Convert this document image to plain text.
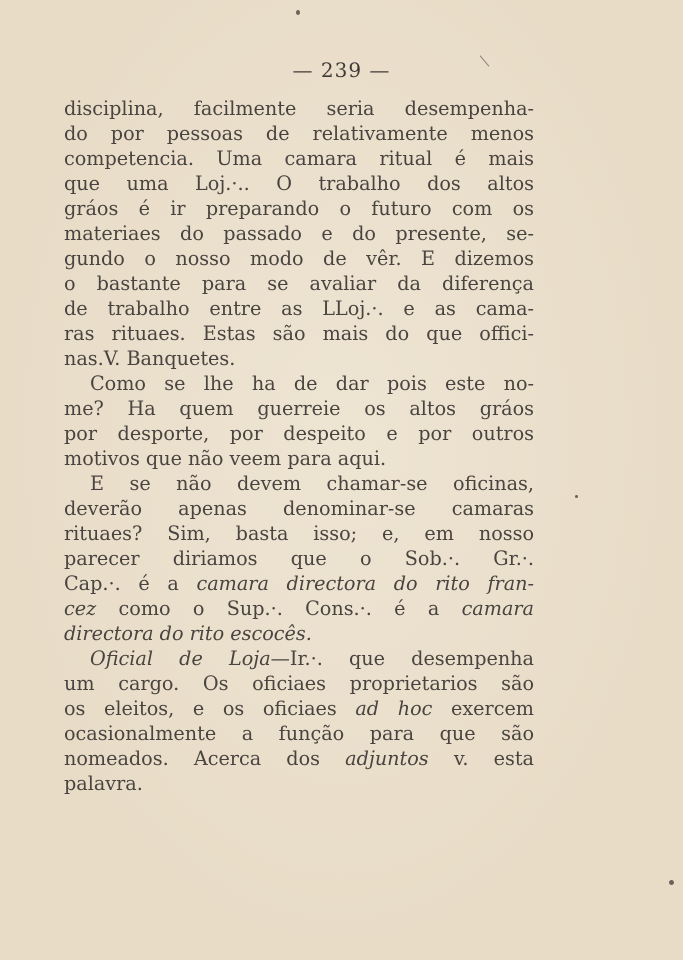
— 239 —
disciplina, facilmente seria desempenha-
do por pessoas de relativamente menos
competencia. Uma camara ritual é mais
que uma Loj.·.. O trabalho dos altos
gráos é ir preparando o futuro com os
materiaes do passado e do presente, se-
gundo o nosso modo de vêr. E dizemos
o bastante para se avaliar da diferença
de trabalho entre as LLoj.·. e as cama-
ras rituaes. Estas são mais do que offici-
nas.V. Banquetes.
Como se lhe ha de dar pois este no-
me? Ha quem guerreie os altos gráos
por desporte, por despeito e por outros
motivos que não veem para aqui.
E se não devem chamar-se oficinas,
deverão apenas denominar-se camaras
rituaes? Sim, basta isso; e, em nosso
parecer diriamos que o Sob.·. Gr.·.
Cap.·. é a camara directora do rito fran-
cez como o Sup.·. Cons.·. é a camara
directora do rito escocês.
Oficial de Loja—Ir.·. que desempenha
um cargo. Os oficiaes proprietarios são
os eleitos, e os oficiaes ad hoc exercem
ocasionalmente a função para que são
nomeados. Acerca dos adjuntos v. esta
palavra.
